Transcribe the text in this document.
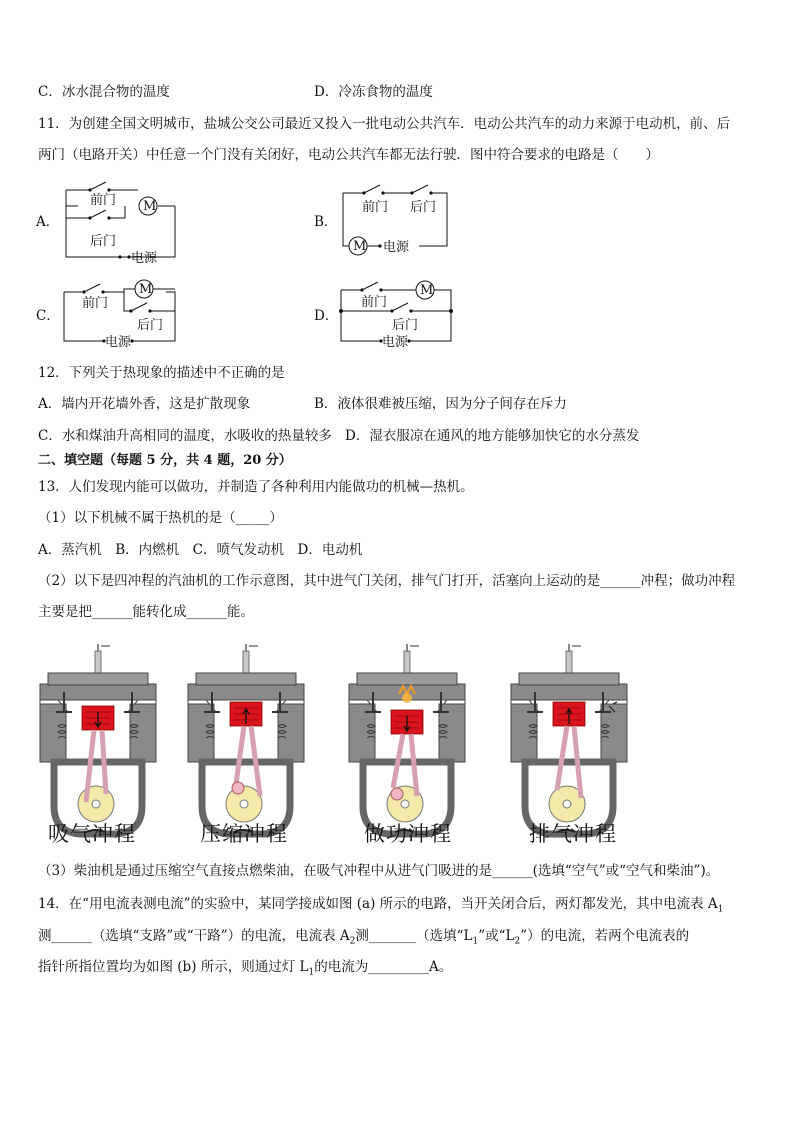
C．冰水混合物的温度	D．冷冻食物的温度
11．为创建全国文明城市，盐城公交公司最近又投入一批电动公共汽车．电动公共汽车的动力来源于电动机，前、后
两门（电路开关）中任意一个门没有关闭好，电动公共汽车都无法行驶．图中符合要求的电路是（　　）
A．	B．
C．	D．
前门
后门
电源
M	前门 后门
电源
M
前门
后门
电源
M
前门
后门
电源
M
12．下列关于热现象的描述中不正确的是
A．墙内开花墙外香，这是扩散现象	B．液体很难被压缩，因为分子间存在斥力
C．水和煤油升高相同的温度，水吸收的热量较多 D．湿衣服凉在通风的地方能够加快它的水分蒸发
二、填空题（每题 5 分，共 4 题，20 分）
13．人们发现内能可以做功，并制造了各种利用内能做功的机械—热机。
（1）以下机械不属于热机的是（_____）
A．蒸汽机　B．内燃机　C．喷气发动机　D．电动机
（2）以下是四冲程的汽油机的工作示意图，其中进气门关闭，排气门打开，活塞向上运动的是______冲程；做功冲程
主要是把______能转化成______能。
吸气冲程	压缩冲程	做功冲程	排气冲程
（3）柴油机是通过压缩空气直接点燃柴油，在吸气冲程中从进气门吸进的是______(选填“空气”或“空气和柴油”)。
14．在“用电流表测电流”的实验中，某同学接成如图 (a) 所示的电路，当开关闭合后，两灯都发光，其中电流表 $A_1$
测______（选填“支路”或“干路”）的电流，电流表 $A_2$测_______（选填“$L_1$”或“$L_2$”）的电流，若两个电流表的
指针所指位置均为如图 (b) 所示，则通过灯 $L_1$的电流为_________A。
